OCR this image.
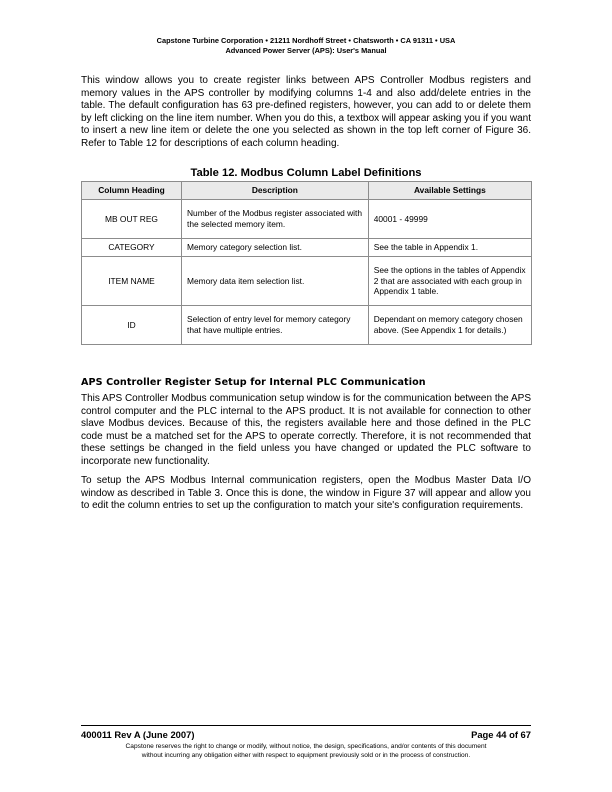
Capstone Turbine Corporation • 21211 Nordhoff Street • Chatsworth • CA 91311 • USA
Advanced Power Server (APS): User's Manual

This window allows you to create register links between APS Controller Modbus registers and memory values in the APS controller by modifying columns 1-4 and also add/delete entries in the table. The default configuration has 63 pre-defined registers, however, you can add to or delete them by left clicking on the line item number. When you do this, a textbox will appear asking you if you want to insert a new line item or delete the one you selected as shown in the top left corner of Figure 36. Refer to Table 12 for descriptions of each column heading.

Table 12. Modbus Column Label Definitions
Column Heading	Description	Available Settings
MB OUT REG	Number of the Modbus register associated with the selected memory item.	40001 - 49999
CATEGORY	Memory category selection list.	See the table in Appendix 1.
ITEM NAME	Memory data item selection list.	See the options in the tables of Appendix 2 that are associated with each group in Appendix 1 table.
ID	Selection of entry level for memory category that have multiple entries.	Dependant on memory category chosen above. (See Appendix 1 for details.)
APS Controller Register Setup for Internal PLC Communication

This APS Controller Modbus communication setup window is for the communication between the APS control computer and the PLC internal to the APS product. It is not available for connection to other slave Modbus devices. Because of this, the registers available here and those defined in the PLC code must be a matched set for the APS to operate correctly. Therefore, it is not recommended that these settings be changed in the field unless you have changed or updated the PLC software to incorporate new functionality.

To setup the APS Modbus Internal communication registers, open the Modbus Master Data I/O window as described in Table 3. Once this is done, the window in Figure 37 will appear and allow you to edit the column entries to set up the configuration to match your site's configuration requirements.

400011 Rev A (June 2007)	Page 44 of 67
Capstone reserves the right to change or modify, without notice, the design, specifications, and/or contents of this document
without incurring any obligation either with respect to equipment previously sold or in the process of construction.
